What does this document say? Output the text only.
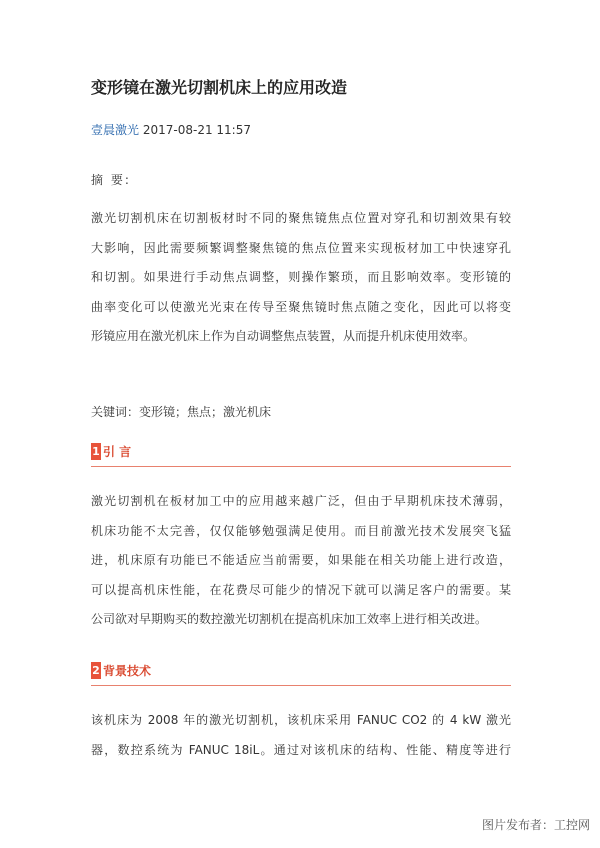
变形镜在激光切割机床上的应用改造
壹晨激光 2017-08-21 11:57
摘 要:
激光切割机床在切割板材时不同的聚焦镜焦点位置对穿孔和切割效果有较
大影响，因此需要频繁调整聚焦镜的焦点位置来实现板材加工中快速穿孔
和切割。如果进行手动焦点调整，则操作繁琐，而且影响效率。变形镜的
曲率变化可以使激光光束在传导至聚焦镜时焦点随之变化，因此可以将变
形镜应用在激光机床上作为自动调整焦点装置，从而提升机床使用效率。
关键词：变形镜；焦点；激光机床
1 引 言
激光切割机在板材加工中的应用越来越广泛，但由于早期机床技术薄弱，
机床功能不太完善，仅仅能够勉强满足使用。而目前激光技术发展突飞猛
进，机床原有功能已不能适应当前需要，如果能在相关功能上进行改造，
可以提高机床性能，在花费尽可能少的情况下就可以满足客户的需要。某
公司欲对早期购买的数控激光切割机在提高机床加工效率上进行相关改进。
2 背景技术
该机床为 2008 年的激光切割机，该机床采用 FANUC CO2 的 4 kW 激光
器，数控系统为 FANUC 18iL。通过对该机床的结构、性能、精度等进行
图片发布者：工控网
